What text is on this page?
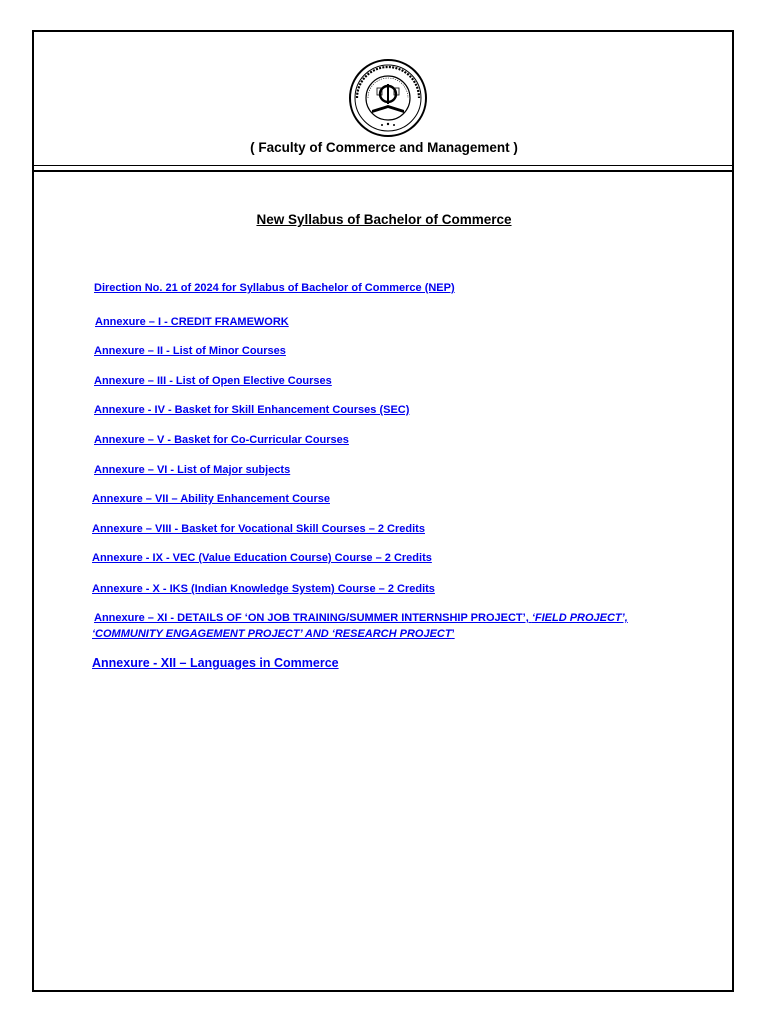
( Faculty of Commerce and Management )
New Syllabus of Bachelor of Commerce
Direction No. 21 of 2024 for Syllabus of Bachelor of Commerce (NEP)
Annexure – I - CREDIT FRAMEWORK
Annexure – II - List of Minor Courses
Annexure – III - List of Open Elective Courses
Annexure - IV - Basket for Skill Enhancement Courses (SEC)
Annexure – V - Basket for Co-Curricular Courses
Annexure – VI - List of Major subjects
Annexure – VII – Ability Enhancement Course
Annexure – VIII - Basket for Vocational Skill Courses – 2 Credits
Annexure - IX - VEC (Value Education Course) Course – 2 Credits
Annexure - X - IKS (Indian Knowledge System) Course – 2 Credits
Annexure – XI - DETAILS OF ‘ON JOB TRAINING/SUMMER INTERNSHIP PROJECT’, ‘FIELD PROJECT’,
‘COMMUNITY ENGAGEMENT PROJECT’ AND ‘RESEARCH PROJECT’
Annexure - XII – Languages in Commerce
